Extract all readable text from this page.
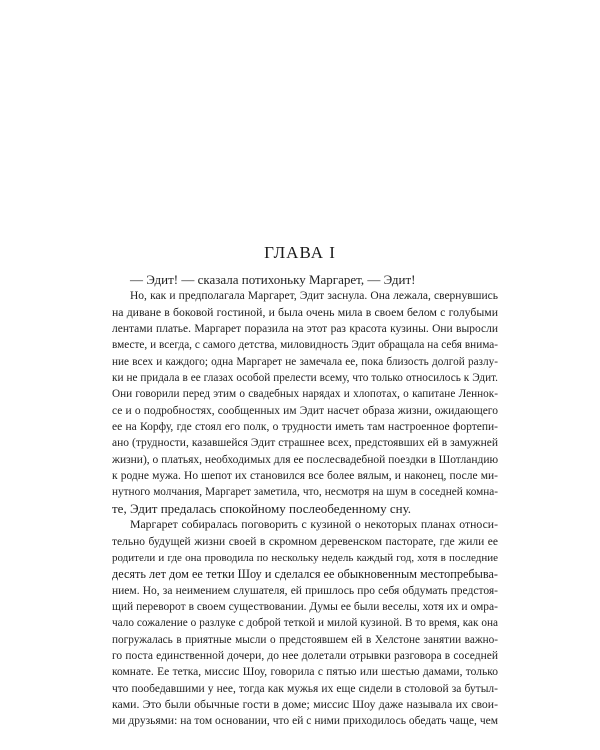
ГЛАВА I
— Эдит! — сказала потихоньку Маргарет, — Эдит!
Но, как и предполагала Маргарет, Эдит заснула. Она лежала, свернувшись
на диване в боковой гостиной, и была очень мила в своем белом с голубыми
лентами платье. Маргарет поразила на этот раз красота кузины. Они выросли
вместе, и всегда, с самого детства, миловидность Эдит обращала на себя внима-
ние всех и каждого; одна Маргарет не замечала ее, пока близость долгой разлу-
ки не придала в ее глазах особой прелести всему, что только относилось к Эдит.
Они говорили перед этим о свадебных нарядах и хлопотах, о капитане Леннок-
се и о подробностях, сообщенных им Эдит насчет образа жизни, ожидающего
ее на Корфу, где стоял его полк, о трудности иметь там настроенное фортепи-
ано (трудности, казавшейся Эдит страшнее всех, предстоявших ей в замужней
жизни), о платьях, необходимых для ее послесвадебной поездки в Шотландию
к родне мужа. Но шепот их становился все более вялым, и наконец, после ми-
нутного молчания, Маргарет заметила, что, несмотря на шум в соседней комна-
те, Эдит предалась спокойному послеобеденному сну.
Маргарет собиралась поговорить с кузиной о некоторых планах относи-
тельно будущей жизни своей в скромном деревенском пасторате, где жили ее
родители и где она проводила по нескольку недель каждый год, хотя в последние
десять лет дом ее тетки Шоу и сделался ее обыкновенным местопребыва-
нием. Но, за неимением слушателя, ей пришлось про себя обдумать предстоя-
щий переворот в своем существовании. Думы ее были веселы, хотя их и омра-
чало сожаление о разлуке с доброй теткой и милой кузиной. В то время, как она
погружалась в приятные мысли о предстоявшем ей в Хелстоне занятии важно-
го поста единственной дочери, до нее долетали отрывки разговора в соседней
комнате. Ее тетка, миссис Шоу, говорила с пятью или шестью дамами, только
что пообедавшими у нее, тогда как мужья их еще сидели в столовой за бутыл-
ками. Это были обычные гости в доме; миссис Шоу даже называла их свои-
ми друзьями: на том основании, что ей с ними приходилось обедать чаще, чем
